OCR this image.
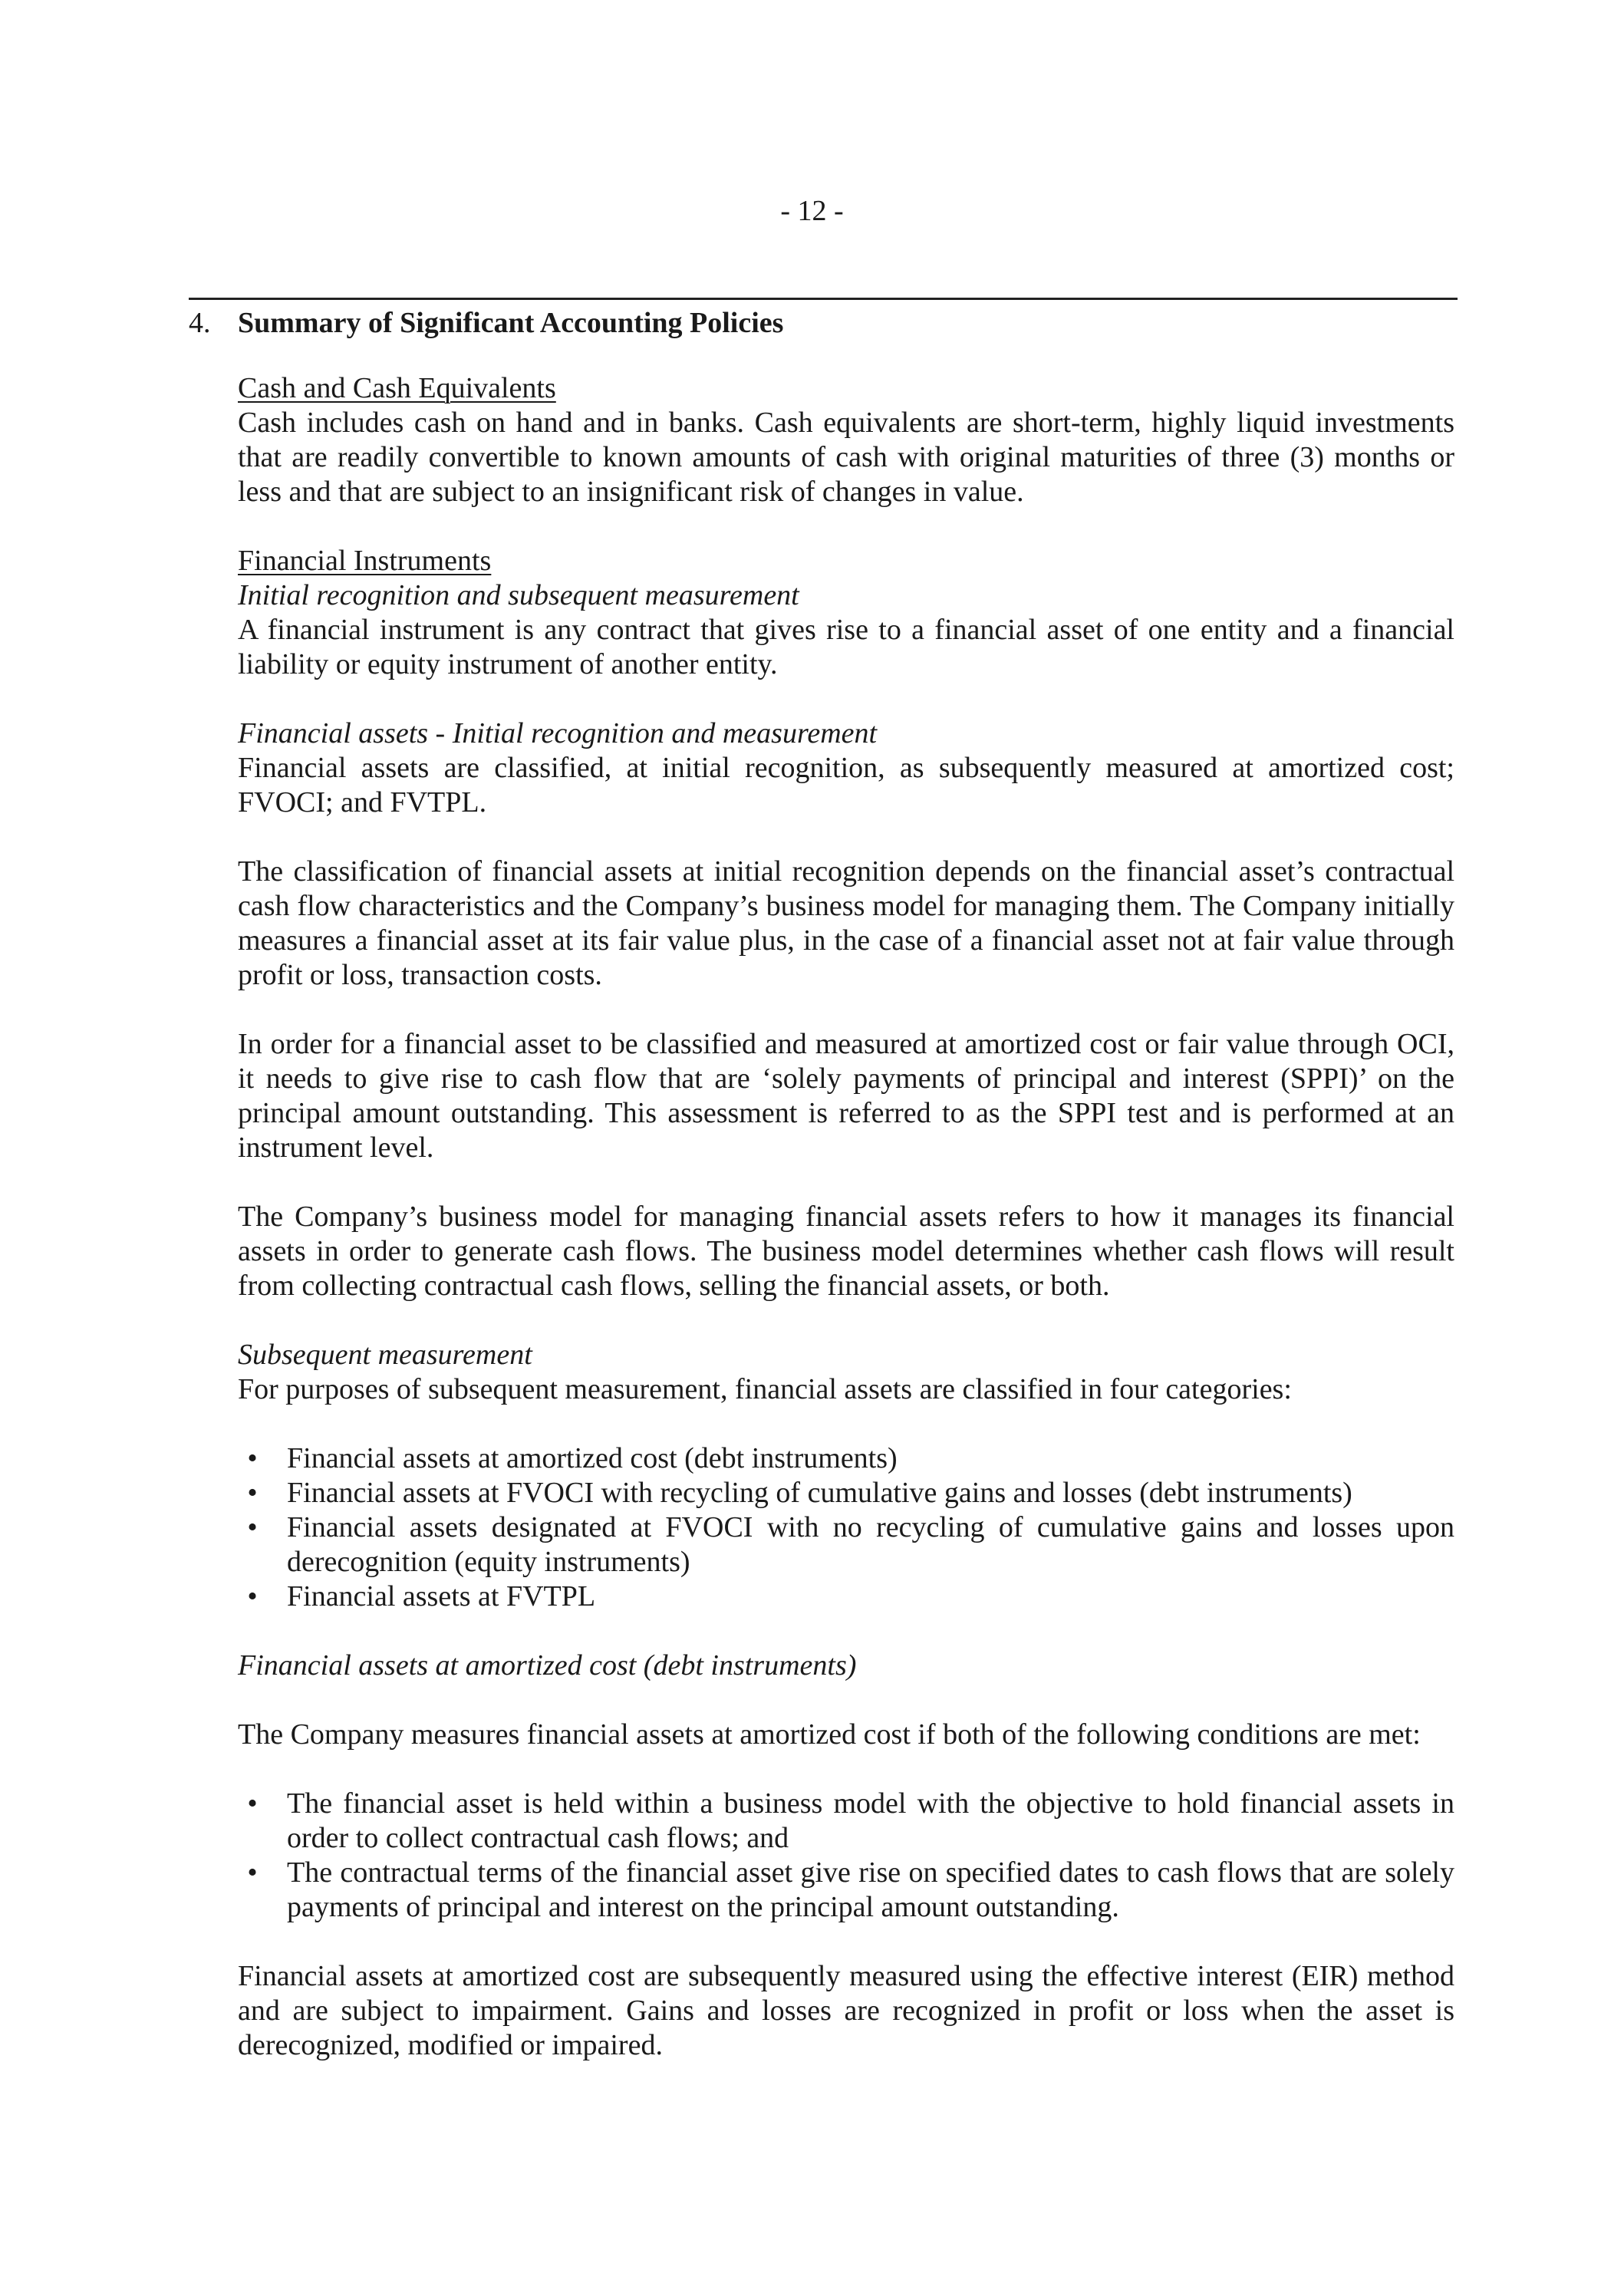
- 12 -
4. Summary of Significant Accounting Policies
Cash and Cash Equivalents

Cash includes cash on hand and in banks. Cash equivalents are short-term, highly liquid investments that are readily convertible to known amounts of cash with original maturities of three (3) months or less and that are subject to an insignificant risk of changes in value.

Financial Instruments
Initial recognition and subsequent measurement

A financial instrument is any contract that gives rise to a financial asset of one entity and a financial liability or equity instrument of another entity.

Financial assets - Initial recognition and measurement

Financial assets are classified, at initial recognition, as subsequently measured at amortized cost; FVOCI; and FVTPL.

The classification of financial assets at initial recognition depends on the financial asset’s contractual cash flow characteristics and the Company’s business model for managing them. The Company initially measures a financial asset at its fair value plus, in the case of a financial asset not at fair value through profit or loss, transaction costs.

In order for a financial asset to be classified and measured at amortized cost or fair value through OCI, it needs to give rise to cash flow that are ‘solely payments of principal and interest (SPPI)’ on the principal amount outstanding. This assessment is referred to as the SPPI test and is performed at an instrument level.

The Company’s business model for managing financial assets refers to how it manages its financial assets in order to generate cash flows. The business model determines whether cash flows will result from collecting contractual cash flows, selling the financial assets, or both.

Subsequent measurement

For purposes of subsequent measurement, financial assets are classified in four categories:

• Financial assets at amortized cost (debt instruments)
• Financial assets at FVOCI with recycling of cumulative gains and losses (debt instruments)
• Financial assets designated at FVOCI with no recycling of cumulative gains and losses upon derecognition (equity instruments)
• Financial assets at FVTPL
Financial assets at amortized cost (debt instruments)

The Company measures financial assets at amortized cost if both of the following conditions are met:

• The financial asset is held within a business model with the objective to hold financial assets in order to collect contractual cash flows; and
• The contractual terms of the financial asset give rise on specified dates to cash flows that are solely payments of principal and interest on the principal amount outstanding.

Financial assets at amortized cost are subsequently measured using the effective interest (EIR) method and are subject to impairment. Gains and losses are recognized in profit or loss when the asset is derecognized, modified or impaired.
